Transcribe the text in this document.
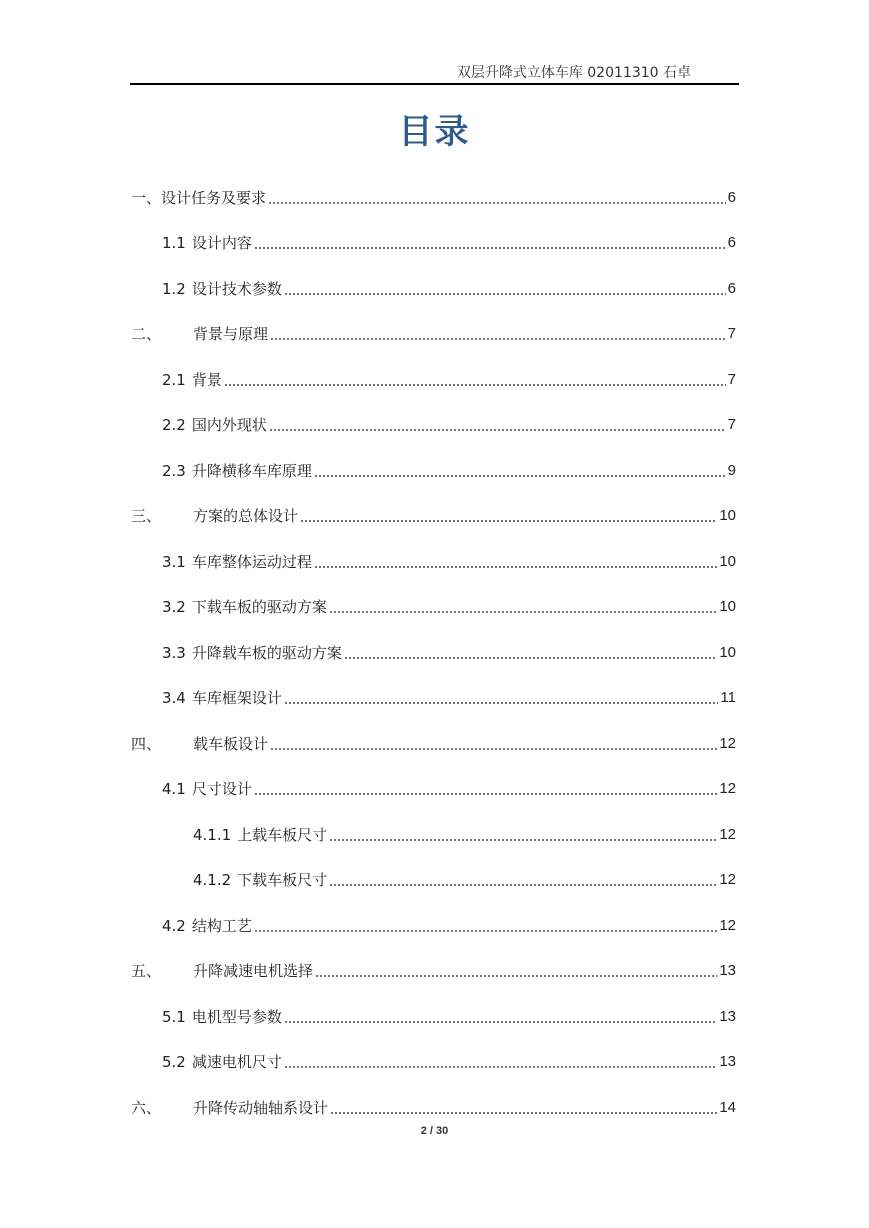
双层升降式立体车库 02011310 石卓
目录
一、 设计任务及要求	6
1.1 设计内容	6
1.2 设计技术参数	6
二、	背景与原理	7
2.1 背景	7
2.2 国内外现状	7
2.3 升降横移车库原理	9
三、	方案的总体设计	10
3.1 车库整体运动过程	10
3.2 下载车板的驱动方案	10
3.3 升降载车板的驱动方案	10
3.4 车库框架设计	11
四、	载车板设计	12
4.1 尺寸设计	12
4.1.1 上载车板尺寸	12
4.1.2 下载车板尺寸	12
4.2 结构工艺	12
五、	升降减速电机选择	13
5.1 电机型号参数	13
5.2 减速电机尺寸	13
六、	升降传动轴轴系设计	14
2 / 30
